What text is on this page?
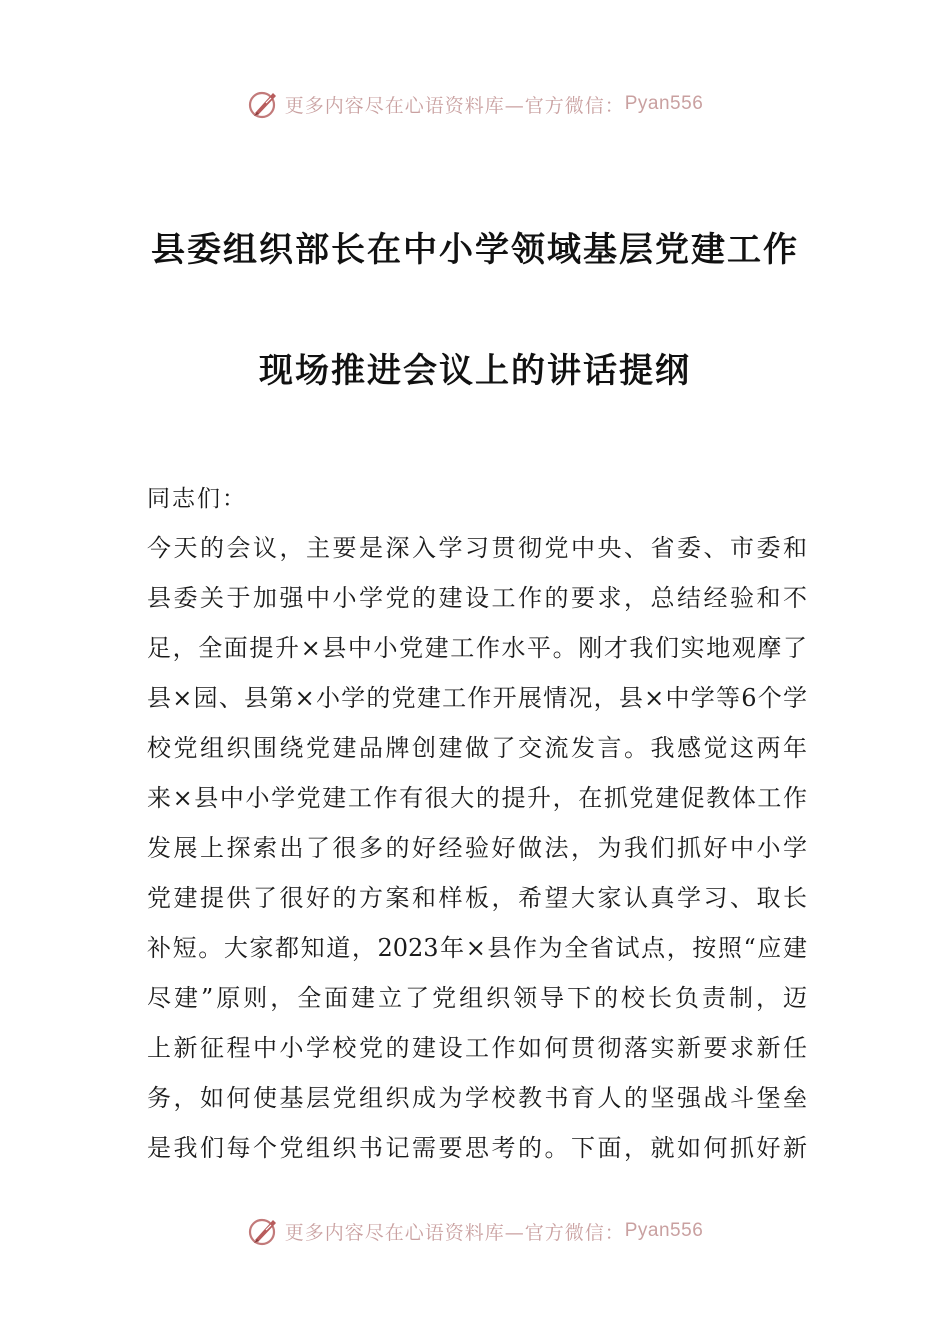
更多内容尽在心语资料库—官方微信： Pyan556
县委组织部长在中小学领域基层党建工作
现场推进会议上的讲话提纲
同志们：
今天的会议，主要是深入学习贯彻党中央、省委、市委和
县委关于加强中小学党的建设工作的要求，总结经验和不
足，全面提升×县中小党建工作水平。刚才我们实地观摩了
县×园、县第×小学的党建工作开展情况，县×中学等6个学
校党组织围绕党建品牌创建做了交流发言。我感觉这两年
来×县中小学党建工作有很大的提升，在抓党建促教体工作
发展上探索出了很多的好经验好做法，为我们抓好中小学
党建提供了很好的方案和样板，希望大家认真学习、取长
补短。大家都知道，2023年×县作为全省试点，按照“应建
尽建”原则，全面建立了党组织领导下的校长负责制，迈
上新征程中小学校党的建设工作如何贯彻落实新要求新任
务，如何使基层党组织成为学校教书育人的坚强战斗堡垒
是我们每个党组织书记需要思考的。下面，就如何抓好新
更多内容尽在心语资料库—官方微信： Pyan556
